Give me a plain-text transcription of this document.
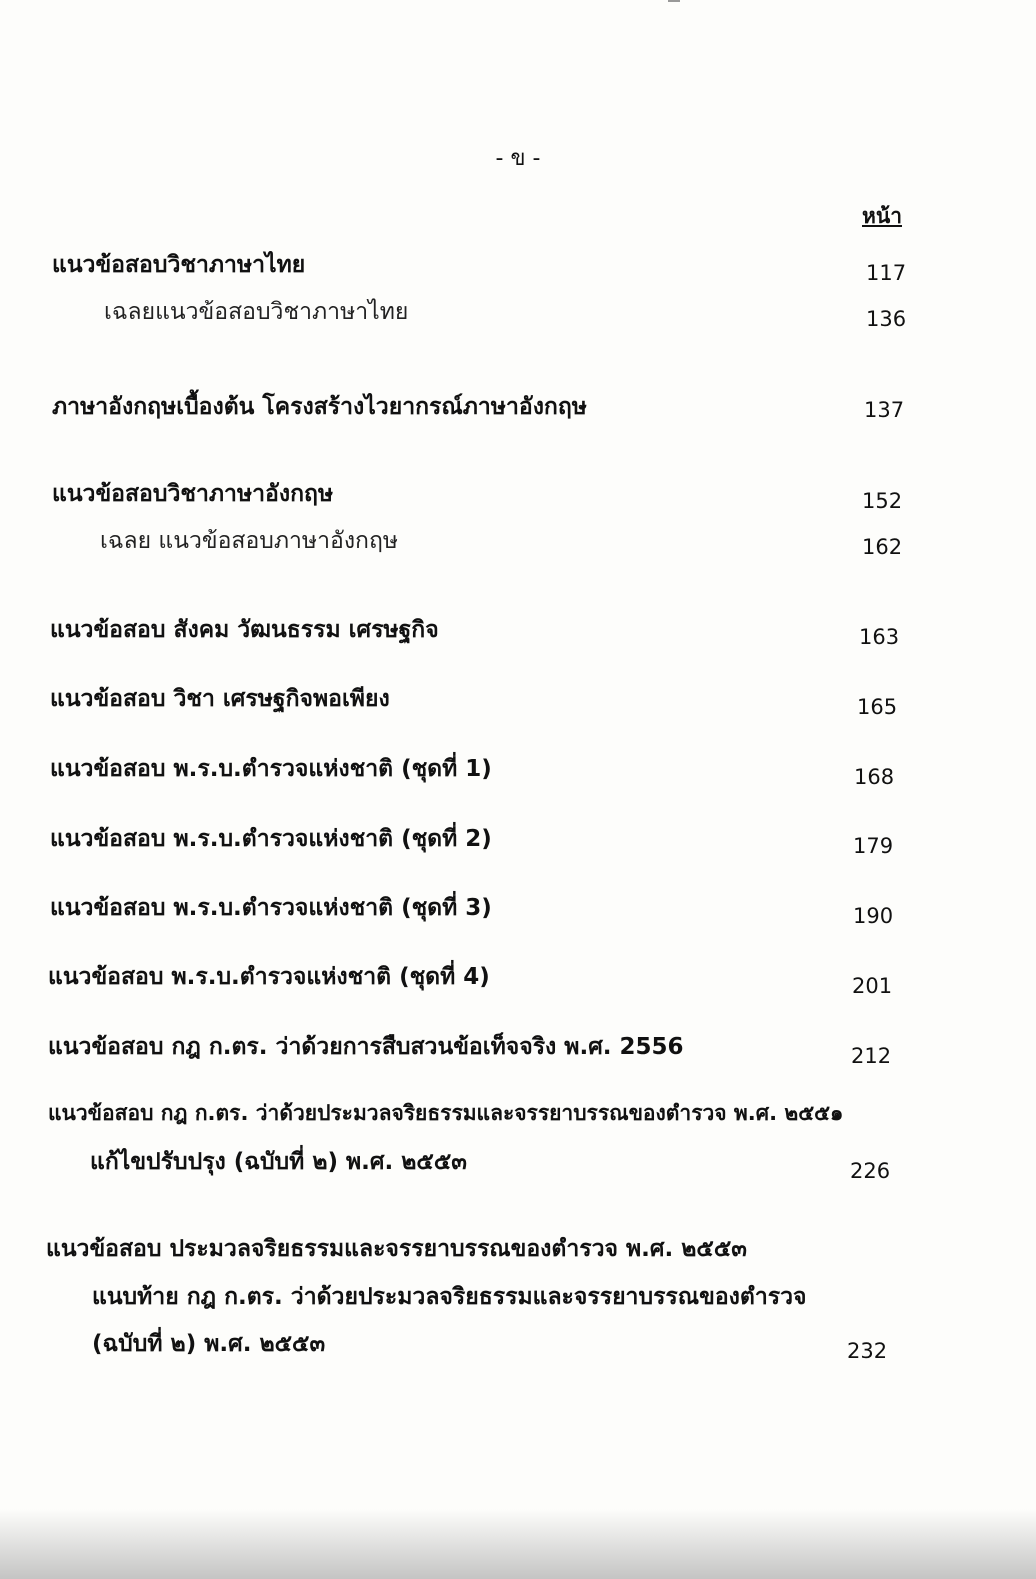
- ข -
หน้า
แนวข้อสอบวิชาภาษาไทย	117
เฉลยแนวข้อสอบวิชาภาษาไทย	136
ภาษาอังกฤษเบื้องต้น โครงสร้างไวยากรณ์ภาษาอังกฤษ	137
แนวข้อสอบวิชาภาษาอังกฤษ	152
เฉลย แนวข้อสอบภาษาอังกฤษ	162
แนวข้อสอบ สังคม วัฒนธรรม เศรษฐกิจ	163
แนวข้อสอบ วิชา เศรษฐกิจพอเพียง	165
แนวข้อสอบ พ.ร.บ.ตำรวจแห่งชาติ (ชุดที่ 1)	168
แนวข้อสอบ พ.ร.บ.ตำรวจแห่งชาติ (ชุดที่ 2)	179
แนวข้อสอบ พ.ร.บ.ตำรวจแห่งชาติ (ชุดที่ 3)	190
แนวข้อสอบ พ.ร.บ.ตำรวจแห่งชาติ (ชุดที่ 4)	201
แนวข้อสอบ กฎ ก.ตร. ว่าด้วยการสืบสวนข้อเท็จจริง พ.ศ. 2556	212
แนวข้อสอบ กฎ ก.ตร. ว่าด้วยประมวลจริยธรรมและจรรยาบรรณของตำรวจ พ.ศ. ๒๕๕๑
แก้ไขปรับปรุง (ฉบับที่ ๒) พ.ศ. ๒๕๕๓	226
แนวข้อสอบ ประมวลจริยธรรมและจรรยาบรรณของตำรวจ พ.ศ. ๒๕๕๓
แนบท้าย กฎ ก.ตร. ว่าด้วยประมวลจริยธรรมและจรรยาบรรณของตำรวจ
(ฉบับที่ ๒) พ.ศ. ๒๕๕๓	232
